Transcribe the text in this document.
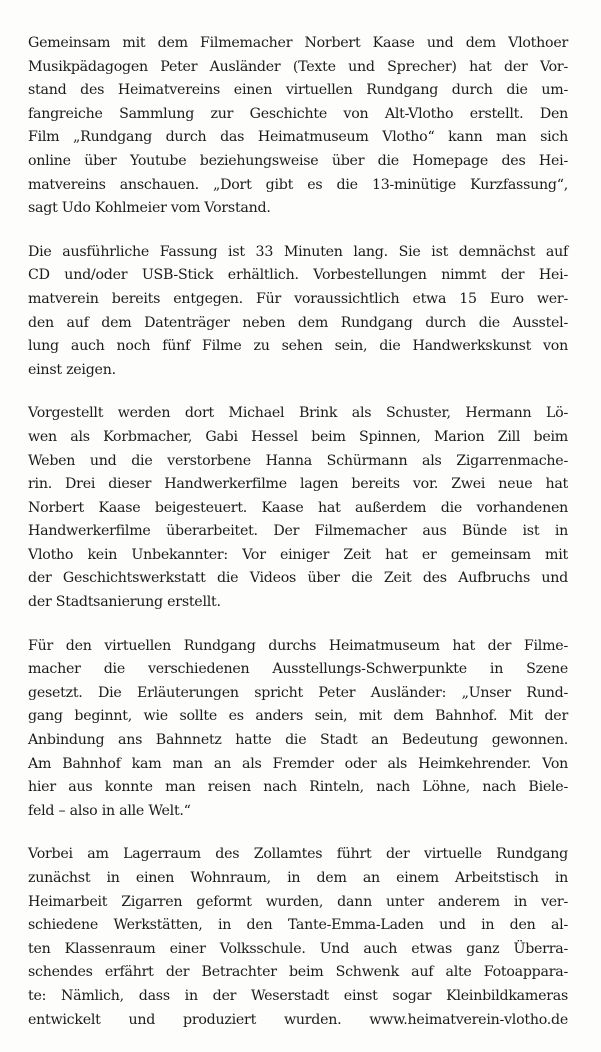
Gemeinsam mit dem Filmemacher Norbert Kaase und dem Vlothoer
Musikpädagogen Peter Ausländer (Texte und Sprecher) hat der Vor-
stand des Heimatvereins einen virtuellen Rundgang durch die um-
fangreiche Sammlung zur Geschichte von Alt-Vlotho erstellt. Den
Film „Rundgang durch das Heimatmuseum Vlotho“ kann man sich
online über Youtube beziehungsweise über die Homepage des Hei-
matvereins anschauen. „Dort gibt es die 13-minütige Kurzfassung“,
sagt Udo Kohlmeier vom Vorstand.

Die ausführliche Fassung ist 33 Minuten lang. Sie ist demnächst auf
CD und/oder USB-Stick erhältlich. Vorbestellungen nimmt der Hei-
matverein bereits entgegen. Für voraussichtlich etwa 15 Euro wer-
den auf dem Datenträger neben dem Rundgang durch die Ausstel-
lung auch noch fünf Filme zu sehen sein, die Handwerkskunst von
einst zeigen.

Vorgestellt werden dort Michael Brink als Schuster, Hermann Lö-
wen als Korbmacher, Gabi Hessel beim Spinnen, Marion Zill beim
Weben und die verstorbene Hanna Schürmann als Zigarrenmache-
rin. Drei dieser Handwerkerfilme lagen bereits vor. Zwei neue hat
Norbert Kaase beigesteuert. Kaase hat außerdem die vorhandenen
Handwerkerfilme überarbeitet. Der Filmemacher aus Bünde ist in
Vlotho kein Unbekannter: Vor einiger Zeit hat er gemeinsam mit
der Geschichtswerkstatt die Videos über die Zeit des Aufbruchs und
der Stadtsanierung erstellt.

Für den virtuellen Rundgang durchs Heimatmuseum hat der Filme-
macher die verschiedenen Ausstellungs-Schwerpunkte in Szene
gesetzt. Die Erläuterungen spricht Peter Ausländer: „Unser Rund-
gang beginnt, wie sollte es anders sein, mit dem Bahnhof. Mit der
Anbindung ans Bahnnetz hatte die Stadt an Bedeutung gewonnen.
Am Bahnhof kam man an als Fremder oder als Heimkehrender. Von
hier aus konnte man reisen nach Rinteln, nach Löhne, nach Biele-
feld – also in alle Welt.“

Vorbei am Lagerraum des Zollamtes führt der virtuelle Rundgang
zunächst in einen Wohnraum, in dem an einem Arbeitstisch in
Heimarbeit Zigarren geformt wurden, dann unter anderem in ver-
schiedene Werkstätten, in den Tante-Emma-Laden und in den al-
ten Klassenraum einer Volksschule. Und auch etwas ganz Überra-
schendes erfährt der Betrachter beim Schwenk auf alte Fotoappara-
te: Nämlich, dass in der Weserstadt einst sogar Kleinbildkameras
entwickelt und produziert wurden. www.heimatverein-vlotho.de
